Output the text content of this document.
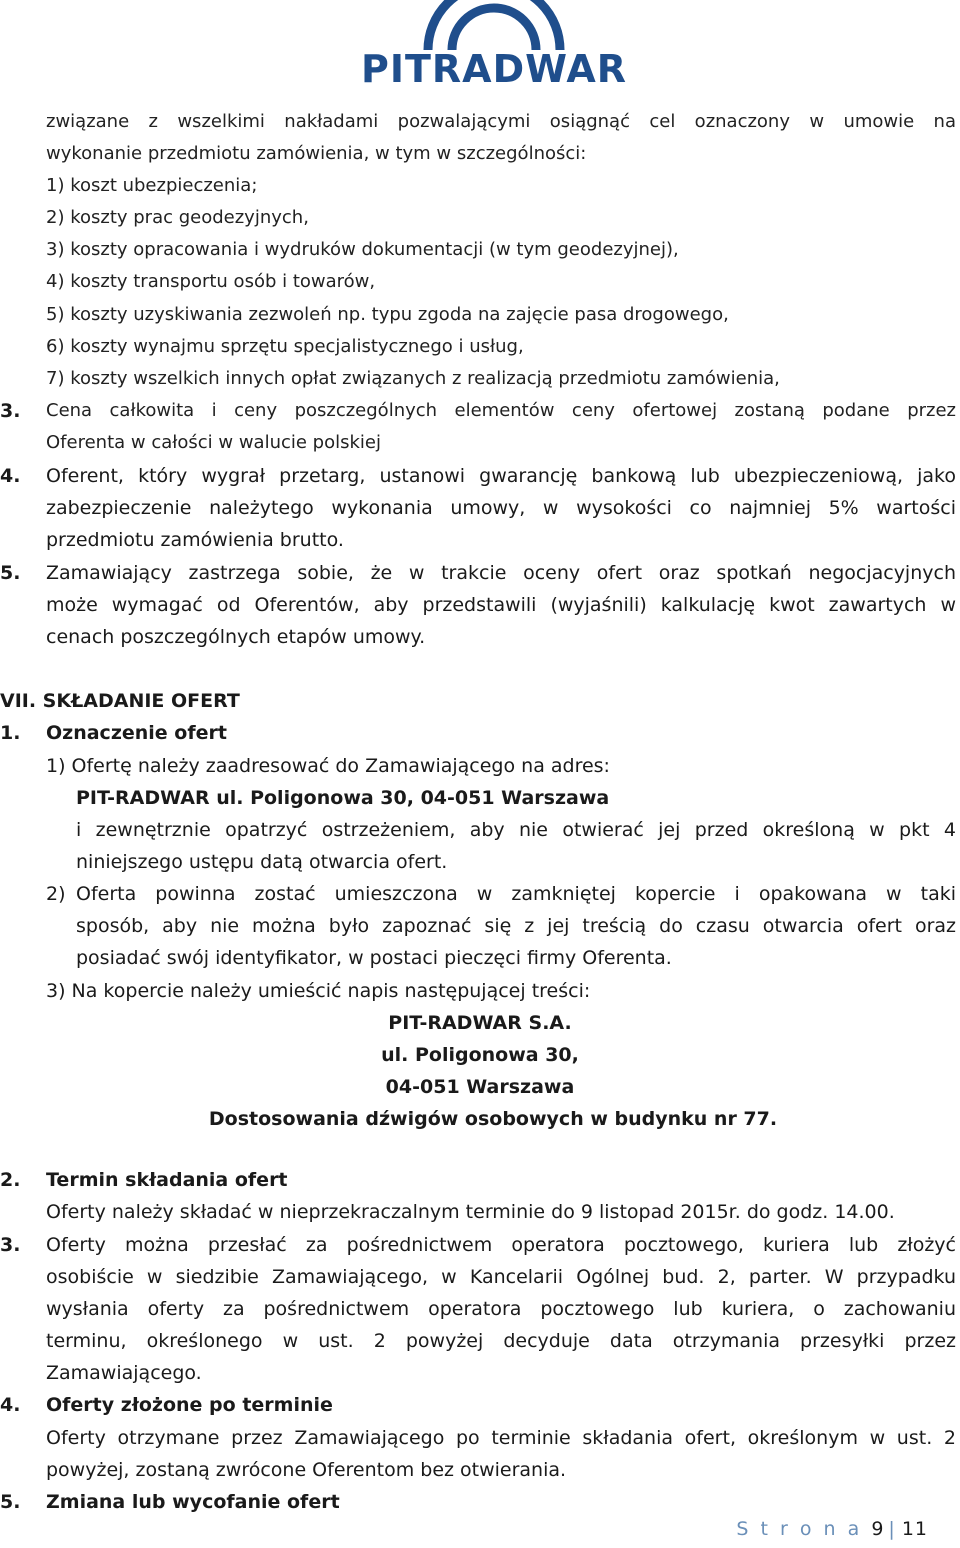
PITRADWAR
związane z wszelkimi nakładami pozwalającymi osiągnąć cel oznaczony w umowie na
wykonanie przedmiotu zamówienia, w tym w szczególności:
1) koszt ubezpieczenia;
2) koszty prac geodezyjnych,
3) koszty opracowania i wydruków dokumentacji (w tym geodezyjnej),
4) koszty transportu osób i towarów,
5) koszty uzyskiwania zezwoleń np. typu zgoda na zajęcie pasa drogowego,
6) koszty wynajmu sprzętu specjalistycznego i usług,
7) koszty wszelkich innych opłat związanych z realizacją przedmiotu zamówienia,
3. Cena całkowita i ceny poszczególnych elementów ceny ofertowej zostaną podane przez
Oferenta w całości w walucie polskiej
4. Oferent, który wygrał przetarg, ustanowi gwarancję bankową lub ubezpieczeniową, jako
zabezpieczenie należytego wykonania umowy, w wysokości co najmniej 5% wartości
przedmiotu zamówienia brutto.
5. Zamawiający zastrzega sobie, że w trakcie oceny ofert oraz spotkań negocjacyjnych
może wymagać od Oferentów, aby przedstawili (wyjaśnili) kalkulację kwot zawartych w
cenach poszczególnych etapów umowy.
VII. SKŁADANIE OFERT
1. Oznaczenie ofert
1) Ofertę należy zaadresować do Zamawiającego na adres:
PIT-RADWAR ul. Poligonowa 30, 04-051 Warszawa
i zewnętrznie opatrzyć ostrzeżeniem, aby nie otwierać jej przed określoną w pkt 4
niniejszego ustępu datą otwarcia ofert.
2) Oferta powinna zostać umieszczona w zamkniętej kopercie i opakowana w taki
sposób, aby nie można było zapoznać się z jej treścią do czasu otwarcia ofert oraz
posiadać swój identyfikator, w postaci pieczęci firmy Oferenta.
3) Na kopercie należy umieścić napis następującej treści:
PIT-RADWAR S.A.
ul. Poligonowa 30,
04-051 Warszawa
Dostosowania dźwigów osobowych w budynku nr 77.
2. Termin składania ofert
Oferty należy składać w nieprzekraczalnym terminie do 9 listopad 2015r. do godz. 14.00.
3. Oferty można przesłać za pośrednictwem operatora pocztowego, kuriera lub złożyć
osobiście w siedzibie Zamawiającego, w Kancelarii Ogólnej bud. 2, parter. W przypadku
wysłania oferty za pośrednictwem operatora pocztowego lub kuriera, o zachowaniu
terminu, określonego w ust. 2 powyżej decyduje data otrzymania przesyłki przez
Zamawiającego.
4. Oferty złożone po terminie
Oferty otrzymane przez Zamawiającego po terminie składania ofert, określonym w ust. 2
powyżej, zostaną zwrócone Oferentom bez otwierania.
5. Zmiana lub wycofanie ofert
S t r o n a 9 | 11
